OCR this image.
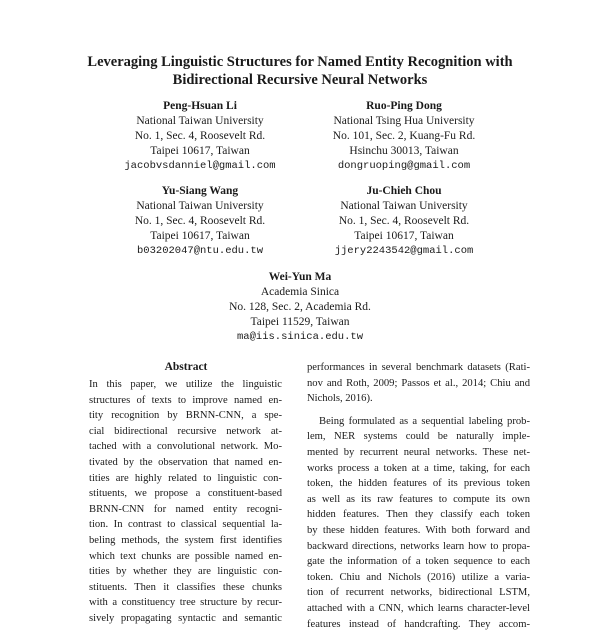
Leveraging Linguistic Structures for Named Entity Recognition with
Bidirectional Recursive Neural Networks
Peng-Hsuan Li
National Taiwan University
No. 1, Sec. 4, Roosevelt Rd.
Taipei 10617, Taiwan
jacobvsdanniel@gmail.com
Ruo-Ping Dong
National Tsing Hua University
No. 101, Sec. 2, Kuang-Fu Rd.
Hsinchu 30013, Taiwan
dongruoping@gmail.com
Yu-Siang Wang
National Taiwan University
No. 1, Sec. 4, Roosevelt Rd.
Taipei 10617, Taiwan
b03202047@ntu.edu.tw
Ju-Chieh Chou
National Taiwan University
No. 1, Sec. 4, Roosevelt Rd.
Taipei 10617, Taiwan
jjery2243542@gmail.com
Wei-Yun Ma
Academia Sinica
No. 128, Sec. 2, Academia Rd.
Taipei 11529, Taiwan
ma@iis.sinica.edu.tw
Abstract
In this paper, we utilize the linguistic
structures of texts to improve named en-
tity recognition by BRNN-CNN, a spe-
cial bidirectional recursive network at-
tached with a convolutional network. Mo-
tivated by the observation that named en-
tities are highly related to linguistic con-
stituents, we propose a constituent-based
BRNN-CNN for named entity recogni-
tion. In contrast to classical sequential la-
beling methods, the system first identifies
which text chunks are possible named en-
tities by whether they are linguistic con-
stituents. Then it classifies these chunks
with a constituency tree structure by recur-
sively propagating syntactic and semantic
performances in several benchmark datasets (Rati-
nov and Roth, 2009; Passos et al., 2014; Chiu and
Nichols, 2016).
Being formulated as a sequential labeling prob-
lem, NER systems could be naturally imple-
mented by recurrent neural networks. These net-
works process a token at a time, taking, for each
token, the hidden features of its previous token
as well as its raw features to compute its own
hidden features. Then they classify each token
by these hidden features. With both forward and
backward directions, networks learn how to propa-
gate the information of a token sequence to each
token. Chiu and Nichols (2016) utilize a varia-
tion of recurrent networks, bidirectional LSTM,
attached with a CNN, which learns character-level
features instead of handcrafting. They accom-
